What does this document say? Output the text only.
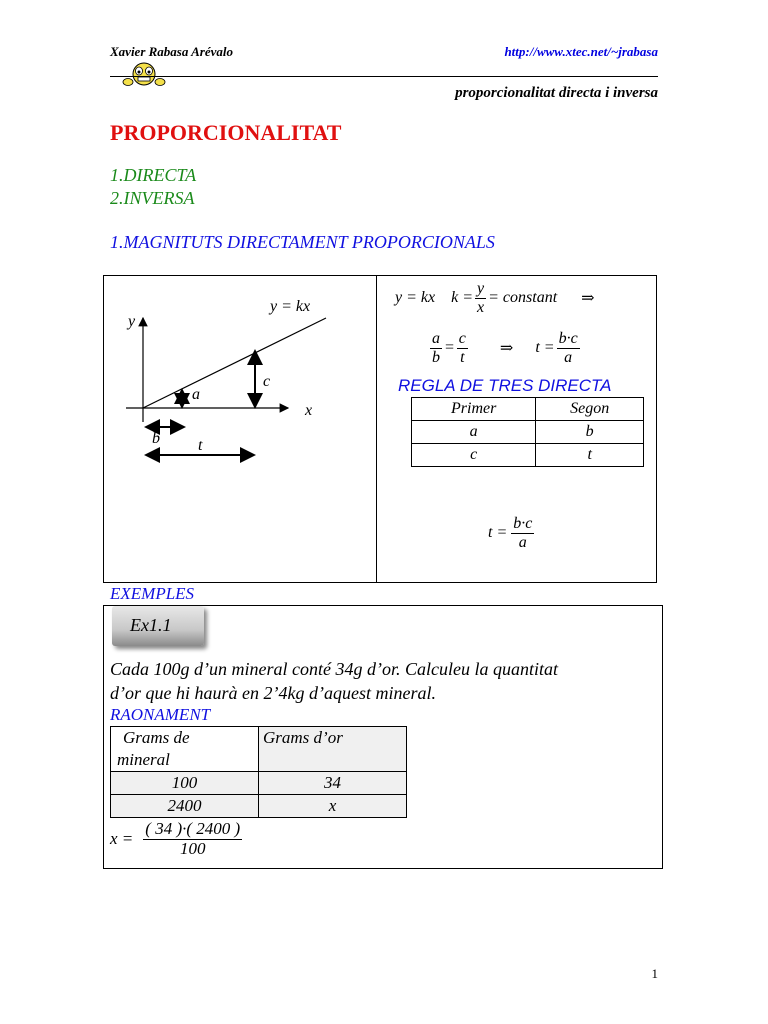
Xavier Rabasa Arévalo	http://www.xtec.net/~jrabasa
proporcionalitat directa i inversa
PROPORCIONALITAT
1.DIRECTA
2.INVERSA
1.MAGNITUTS DIRECTAMENT PROPORCIONALS
y = kx
y
x
a
c
b t
y = kx $k = \frac{y}{x}$ = constant ⇒
$\frac{a}{b} = \frac{c}{t}$ ⇒ $t = \frac{b\cdot c}{a}$
REGLA DE TRES DIRECTA
Primer	Segon
a	b
c	t
$t = \frac{b\cdot c}{a}$
EXEMPLES
Ex1.1
Cada 100g d’un mineral conté 34g d’or. Calculeu la quantitat
d’or que hi haurà en 2’4kg d’aquest mineral.
RAONAMENT
Grams de
mineral	Grams d’or
100	34
2400	x
$x = \frac{( 34 )\cdot( 2400 )}{100}$
1
